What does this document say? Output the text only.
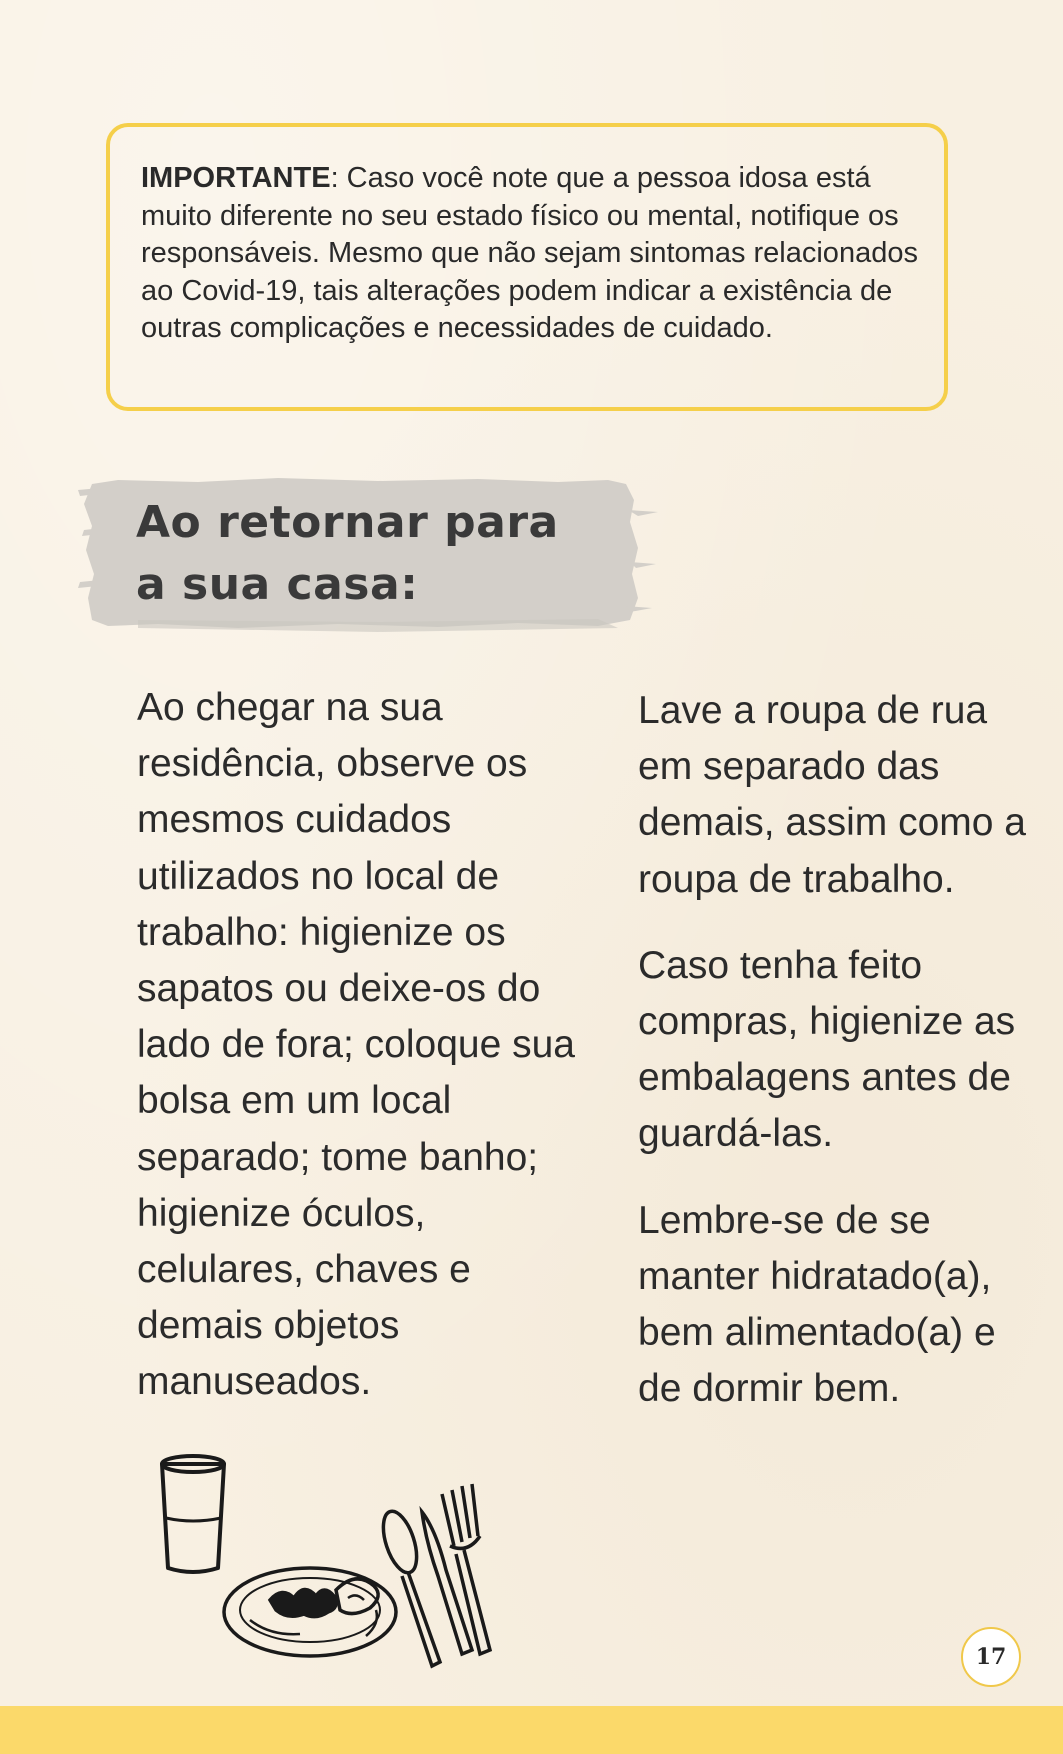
IMPORTANTE: Caso você note que a pessoa idosa está muito diferente no seu estado físico ou mental, notifique os responsáveis. Mesmo que não sejam sintomas relacionados ao Covid-19, tais alterações podem indicar a existência de outras complicações e necessidades de cuidado.
Ao retornar para
a sua casa:

Ao chegar na sua residência, observe os mesmos cuidados utilizados no local de trabalho: higienize os sapatos ou deixe-os do lado de fora; coloque sua bolsa em um local separado; tome banho; higienize óculos, celulares, chaves e demais objetos manuseados.

Lave a roupa de rua em separado das demais, assim como a roupa de trabalho.

Caso tenha feito compras, higienize as embalagens antes de guardá-las.

Lembre-se de se manter hidratado(a), bem alimentado(a) e de dormir bem.

17
